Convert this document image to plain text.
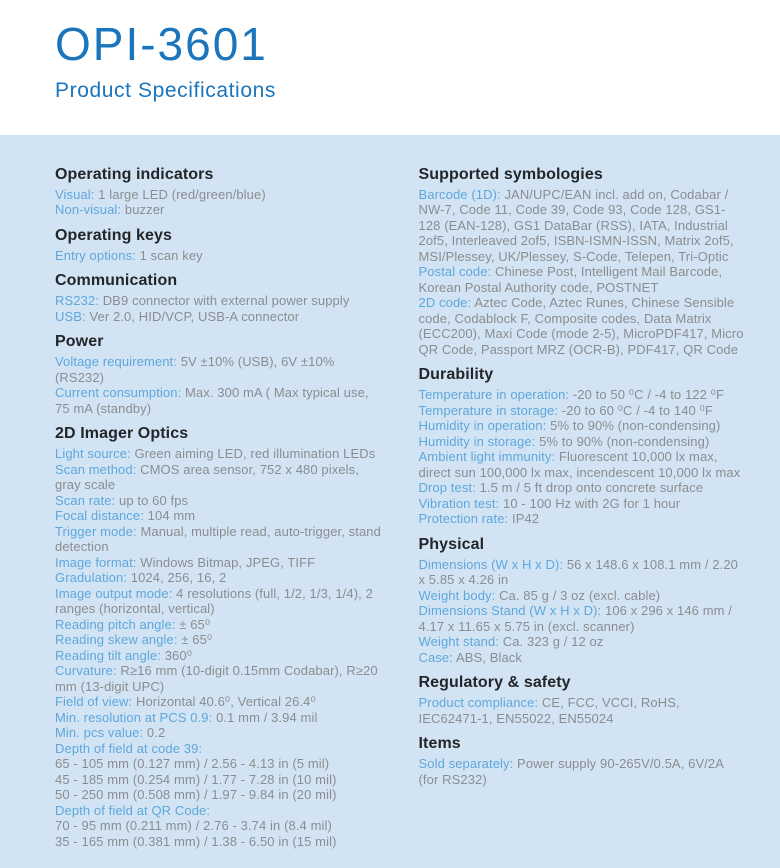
OPI-3601
Product Specifications
Operating indicators
Visual: 1 large LED (red/green/blue)
Non-visual: buzzer
Operating keys
Entry options: 1 scan key
Communication
RS232: DB9 connector with external power supply
USB: Ver 2.0, HID/VCP, USB-A connector
Power
Voltage requirement: 5V ±10% (USB), 6V ±10% (RS232)
Current consumption: Max. 300 mA ( Max typical use, 75 mA (standby)
2D Imager Optics
Light source: Green aiming LED, red illumination LEDs
Scan method: CMOS area sensor, 752 x 480 pixels, gray scale
Scan rate: up to 60 fps
Focal distance: 104 mm
Trigger mode: Manual, multiple read, auto-trigger, stand detection
Image format: Windows Bitmap, JPEG, TIFF
Gradulation: 1024, 256, 16, 2
Image output mode: 4 resolutions (full, 1/2, 1/3, 1/4), 2 ranges (horizontal, vertical)
Reading pitch angle: ± 65⁰
Reading skew angle: ± 65⁰
Reading tilt angle: 360⁰
Curvature: R≥16 mm (10-digit 0.15mm Codabar), R≥20 mm (13-digit UPC)
Field of view: Horizontal 40.6⁰, Vertical 26.4⁰
Min. resolution at PCS 0.9: 0.1 mm / 3.94 mil
Min. pcs value: 0.2
Depth of field at code 39:
65 - 105 mm (0.127 mm) / 2.56 - 4.13 in (5 mil)
45 - 185 mm (0.254 mm) / 1.77 - 7.28 in (10 mil)
50 - 250 mm (0.508 mm) / 1.97 - 9.84 in (20 mil)
Depth of field at QR Code:
70 - 95 mm (0.211 mm) / 2.76 - 3.74 in (8.4 mil)
35 - 165 mm (0.381 mm) / 1.38 - 6.50 in (15 mil)
Supported symbologies
Barcode (1D): JAN/UPC/EAN incl. add on, Codabar / NW-7, Code 11, Code 39, Code 93, Code 128, GS1-128 (EAN-128), GS1 DataBar (RSS), IATA, Industrial 2of5, Interleaved 2of5, ISBN-ISMN-ISSN, Matrix 2of5, MSI/Plessey, UK/Plessey, S-Code, Telepen, Tri-Optic
Postal code: Chinese Post, Intelligent Mail Barcode, Korean Postal Authority code, POSTNET
2D code: Aztec Code, Aztec Runes, Chinese Sensible code, Codablock F, Composite codes, Data Matrix (ECC200), Maxi Code (mode 2-5), MicroPDF417, Micro QR Code, Passport MRZ (OCR-B), PDF417, QR Code
Durability
Temperature in operation: -20 to 50 ⁰C / -4 to 122 ⁰F
Temperature in storage: -20 to 60 ⁰C / -4 to 140 ⁰F
Humidity in operation: 5% to 90% (non-condensing)
Humidity in storage: 5% to 90% (non-condensing)
Ambient light immunity: Fluorescent 10,000 lx max, direct sun 100,000 lx max, incendescent 10,000 lx max
Drop test: 1.5 m / 5 ft drop onto concrete surface
Vibration test: 10 - 100 Hz with 2G for 1 hour
Protection rate: IP42
Physical
Dimensions (W x H x D): 56 x 148.6 x 108.1 mm / 2.20 x 5.85 x 4.26 in
Weight body: Ca. 85 g / 3 oz (excl. cable)
Dimensions Stand (W x H x D): 106 x 296 x 146 mm / 4.17 x 11.65 x 5.75 in (excl. scanner)
Weight stand: Ca. 323 g / 12 oz
Case: ABS, Black
Regulatory & safety
Product compliance: CE, FCC, VCCI, RoHS, IEC62471-1, EN55022, EN55024
Items
Sold separately: Power supply 90-265V/0.5A, 6V/2A (for RS232)
